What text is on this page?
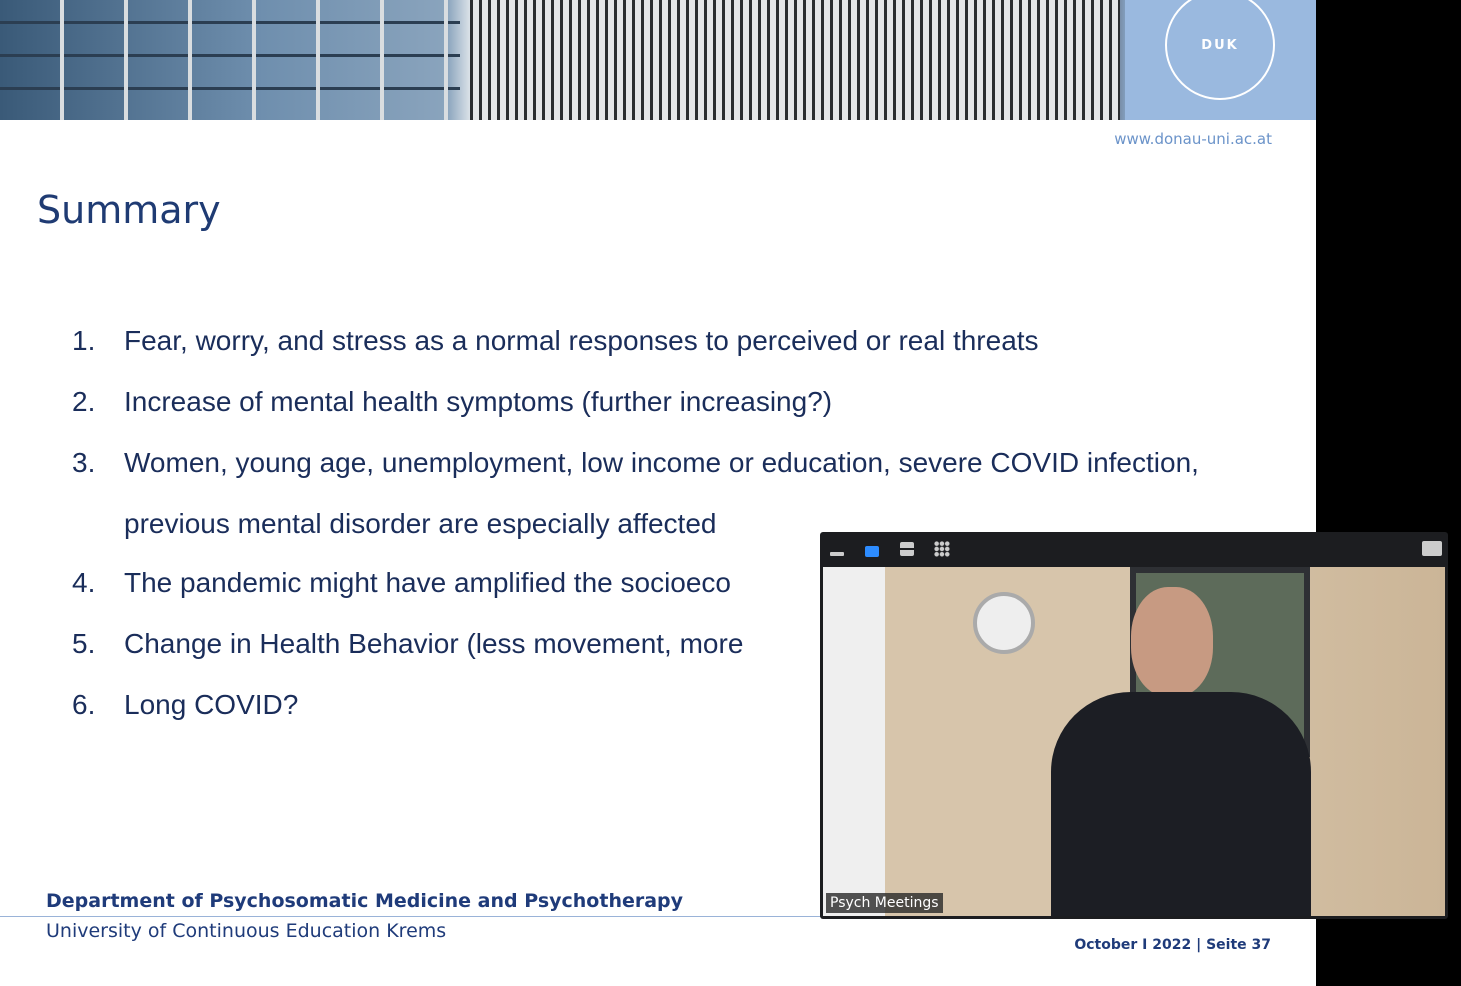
DUK
www.donau-uni.ac.at
Summary
1.	Fear, worry, and stress as a normal responses to perceived or real threats
2.	Increase of mental health symptoms (further increasing?)
3.	Women, young age, unemployment, low income or education, severe COVID infection,
previous mental disorder are especially affected
4.	The pandemic might have amplified the socioeco
5.	Change in Health Behavior (less movement, more
6.	Long COVID?
Department of Psychosomatic Medicine and Psychotherapy
University of Continuous Education Krems
October I 2022 | Seite 37
Psych Meetings
